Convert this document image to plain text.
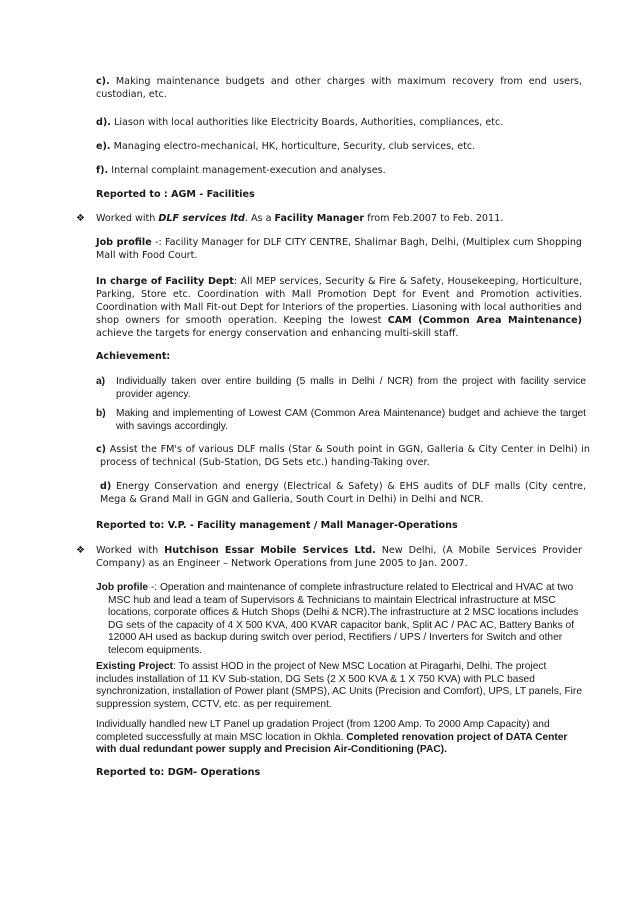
c). Making maintenance budgets and other charges with maximum recovery from end users, custodian, etc.

d). Liason with local authorities like Electricity Boards, Authorities, compliances, etc.

e). Managing electro-mechanical, HK, horticulture, Security, club services, etc.

f). Internal complaint management-execution and analyses.

Reported to : AGM - Facilities
❖	Worked with DLF services ltd. As a Facility Manager from Feb.2007 to Feb. 2011.

Job profile -: Facility Manager for DLF CITY CENTRE, Shalimar Bagh, Delhi, (Multiplex cum Shopping Mall with Food Court.

In charge of Facility Dept: All MEP services, Security & Fire & Safety, Housekeeping, Horticulture, Parking, Store etc. Coordination with Mall Promotion Dept for Event and Promotion activities. Coordination with Mall Fit-out Dept for Interiors of the properties. Liasoning with local authorities and shop owners for smooth operation. Keeping the lowest CAM (Common Area Maintenance) achieve the targets for energy conservation and enhancing multi-skill staff.

Achievement:
a) Individually taken over entire building (5 malls in Delhi / NCR) from the project with facility service provider agency.
b) Making and implementing of Lowest CAM (Common Area Maintenance) budget and achieve the target with savings accordingly.

c) Assist the FM's of various DLF malls (Star & South point in GGN, Galleria & City Center in Delhi) in process of technical (Sub-Station, DG Sets etc.) handing-Taking over.

d) Energy Conservation and energy (Electrical & Safety) & EHS audits of DLF malls (City centre, Mega & Grand Mall in GGN and Galleria, South Court in Delhi) in Delhi and NCR.

Reported to: V.P. - Facility management / Mall Manager-Operations
❖	Worked with Hutchison Essar Mobile Services Ltd. New Delhi, (A Mobile Services Provider Company) as an Engineer – Network Operations from June 2005 to Jan. 2007.

Job profile -: Operation and maintenance of complete infrastructure related to Electrical and HVAC at two MSC hub and lead a team of Supervisors & Technicians to maintain Electrical infrastructure at MSC locations, corporate offices & Hutch Shops (Delhi & NCR).The infrastructure at 2 MSC locations includes DG sets of the capacity of 4 X 500 KVA, 400 KVAR capacitor bank, Split AC / PAC AC, Battery Banks of 12000 AH used as backup during switch over period, Rectifiers / UPS / Inverters for Switch and other telecom equipments.

Existing Project: To assist HOD in the project of New MSC Location at Piragarhi, Delhi. The project includes installation of 11 KV Sub-station, DG Sets (2 X 500 KVA & 1 X 750 KVA) with PLC based synchronization, installation of Power plant (SMPS), AC Units (Precision and Comfort), UPS, LT panels, Fire suppression system, CCTV, etc. as per requirement.

Individually handled new LT Panel up gradation Project (from 1200 Amp. To 2000 Amp Capacity) and completed successfully at main MSC location in Okhla. Completed renovation project of DATA Center with dual redundant power supply and Precision Air-Conditioning (PAC).

Reported to: DGM- Operations
